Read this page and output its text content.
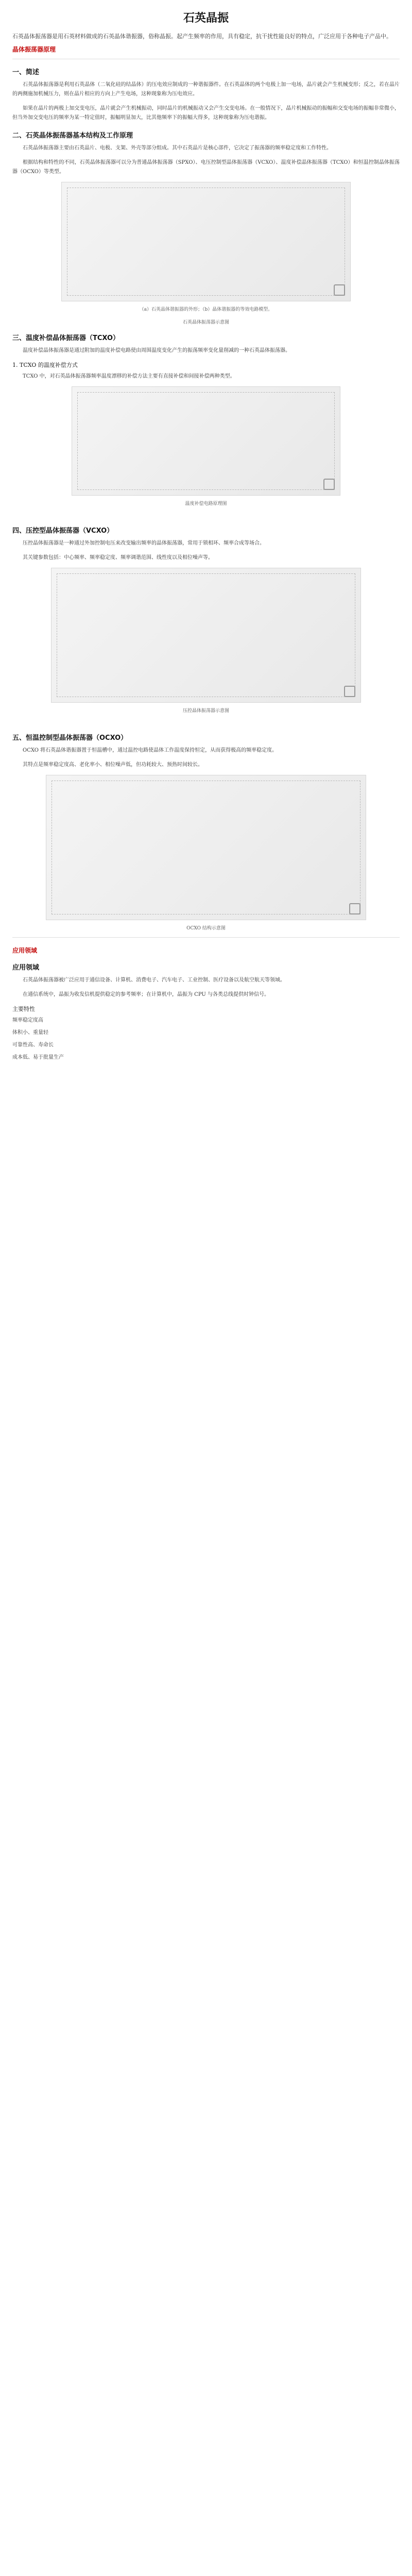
石英晶振
石英晶体振荡器是用石英材料做成的石英晶体谐振器，俗称晶振。起产生频率的作用，具有稳定，抗干扰性能良好的特点，广泛应用于各种电子产品中。
晶体振荡器原理
一、简述
石英晶体振荡器是利用石英晶体（二氧化硅的结晶体）的压电效应制成的一种谐振器件。在石英晶体的两个电极上加一电场，晶片就会产生机械变形；反之，若在晶片的两侧施加机械压力，则在晶片相应的方向上产生电场，这种现象称为压电效应。
如果在晶片的两极上加交变电压，晶片就会产生机械振动，同时晶片的机械振动又会产生交变电场。在一般情况下，晶片机械振动的振幅和交变电场的振幅非常微小，但当外加交变电压的频率为某一特定值时，振幅明显加大，比其他频率下的振幅大得多，这种现象称为压电谐振。
二、石英晶体振荡器基本结构及工作原理
石英晶体振荡器主要由石英晶片、电极、支架、外壳等部分组成。其中石英晶片是核心部件，它决定了振荡器的频率稳定度和工作特性。
根据结构和特性的不同，石英晶体振荡器可以分为普通晶体振荡器（SPXO）、电压控制型晶体振荡器（VCXO）、温度补偿晶体振荡器（TCXO）和恒温控制晶体振荡器（OCXO）等类型。
（a）石英晶体谐振器的外形；（b）晶体谐振器的等效电路模型。
石英晶体振荡器示意图
三、温度补偿晶体振荡器（TCXO）
温度补偿晶体振荡器是通过附加的温度补偿电路使由周围温度变化产生的振荡频率变化量削减的一种石英晶体振荡器。
1. TCXO 的温度补偿方式
TCXO 中，对石英晶体振荡器频率温度漂移的补偿方法主要有直接补偿和间接补偿两种类型。
温度补偿电路原理图
四、压控型晶体振荡器（VCXO）
压控晶体振荡器是一种通过外加控制电压来改变输出频率的晶体振荡器，常用于锁相环、频率合成等场合。
其关键参数包括：中心频率、频率稳定度、频率调谐范围、线性度以及相位噪声等。
压控晶体振荡器示意图
五、恒温控制型晶体振荡器（OCXO）
OCXO 将石英晶体谐振器置于恒温槽中，通过温控电路使晶体工作温度保持恒定，从而获得极高的频率稳定度。
其特点是频率稳定度高、老化率小、相位噪声低，但功耗较大、预热时间较长。
OCXO 结构示意图
应用领域
应用领域
石英晶体振荡器被广泛应用于通信设备、计算机、消费电子、汽车电子、工业控制、医疗设备以及航空航天等领域。
在通信系统中，晶振为收发信机提供稳定的参考频率；在计算机中，晶振为 CPU 与各类总线提供时钟信号。
主要特性
频率稳定度高
体积小、重量轻
可靠性高、寿命长
成本低、易于批量生产
